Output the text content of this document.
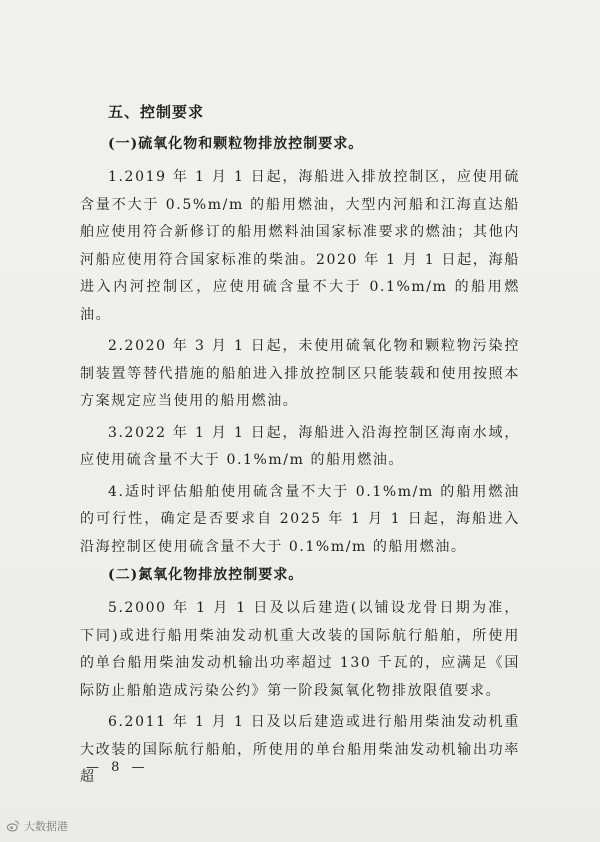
五、控制要求
(一)硫氧化物和颗粒物排放控制要求。
1.2019 年 1 月 1 日起，海船进入排放控制区，应使用硫含量不大于 0.5%m/m 的船用燃油，大型内河船和江海直达船舶应使用符合新修订的船用燃料油国家标准要求的燃油；其他内河船应使用符合国家标准的柴油。2020 年 1 月 1 日起，海船进入内河控制区，应使用硫含量不大于 0.1%m/m 的船用燃油。
2.2020 年 3 月 1 日起，未使用硫氧化物和颗粒物污染控制装置等替代措施的船舶进入排放控制区只能装载和使用按照本方案规定应当使用的船用燃油。
3.2022 年 1 月 1 日起，海船进入沿海控制区海南水域，应使用硫含量不大于 0.1%m/m 的船用燃油。
4.适时评估船舶使用硫含量不大于 0.1%m/m 的船用燃油的可行性，确定是否要求自 2025 年 1 月 1 日起，海船进入沿海控制区使用硫含量不大于 0.1%m/m 的船用燃油。
(二)氮氧化物排放控制要求。
5.2000 年 1 月 1 日及以后建造(以铺设龙骨日期为准，下同)或进行船用柴油发动机重大改装的国际航行船舶，所使用的单台船用柴油发动机输出功率超过 130 千瓦的，应满足《国际防止船舶造成污染公约》第一阶段氮氧化物排放限值要求。
6.2011 年 1 月 1 日及以后建造或进行船用柴油发动机重大改装的国际航行船舶，所使用的单台船用柴油发动机输出功率超
— 8 —
大数据港
